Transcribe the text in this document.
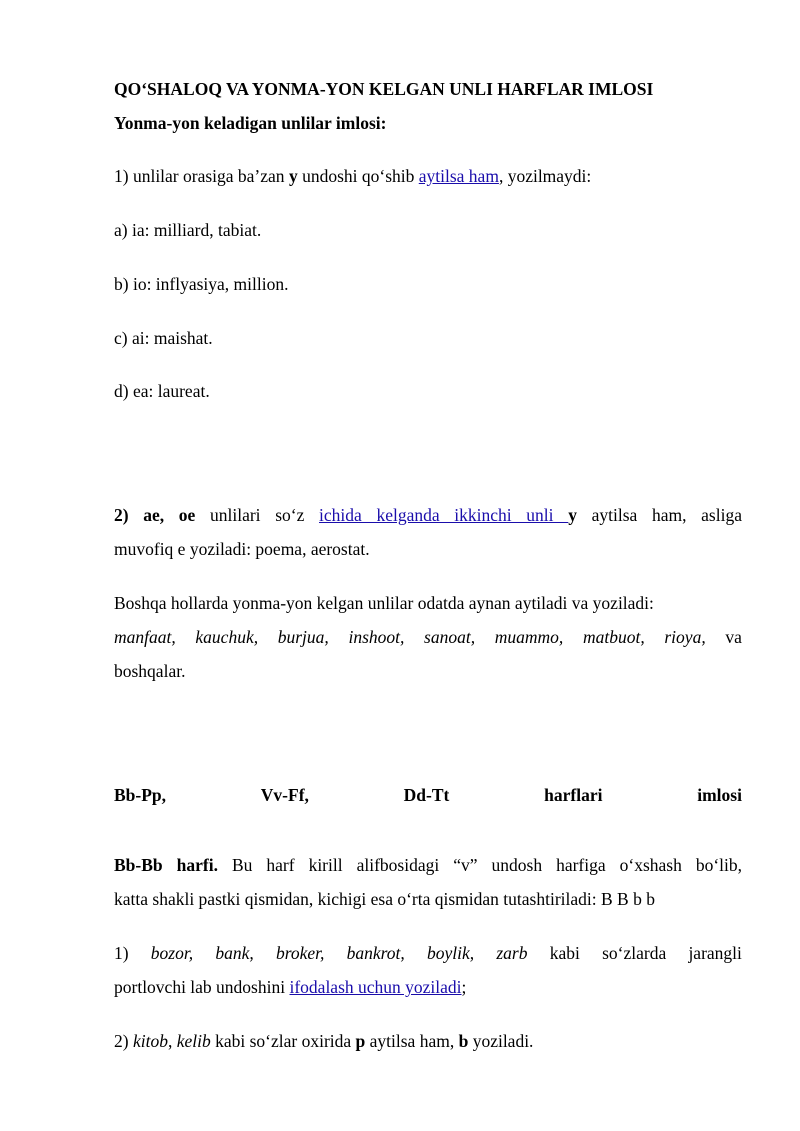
QO‘SHALOQ VA YONMA-YON KELGAN UNLI HARFLAR IMLOSI
Yonma-yon keladigan unlilar imlosi:
1) unlilar orasiga ba’zan y undoshi qo‘shib aytilsa ham, yozilmaydi:
a) ia: milliard, tabiat.
b) io: inflyasiya, million.
c) ai: maishat.
d) ea: laureat.
2) ae, oe unlilari so‘z ichida kelganda ikkinchi unli y aytilsa ham, asliga
muvofiq e yoziladi: poema, aerostat.
Boshqa hollarda yonma-yon kelgan unlilar odatda aynan aytiladi va yoziladi:
manfaat, kauchuk, burjua, inshoot, sanoat, muammo, matbuot, rioya, va
boshqalar.
Bb-Pp,	Vv-Ff,	Dd-Tt	harflari	imlosi
Bb-Bb harfi. Bu harf kirill alifbosidagi “v” undosh harfiga o‘xshash bo‘lib,
katta shakli pastki qismidan, kichigi esa o‘rta qismidan tutashtiriladi: B B b b
1) bozor, bank, broker, bankrot, boylik, zarb kabi so‘zlarda jarangli
portlovchi lab undoshini ifodalash uchun yoziladi;
2) kitob, kelib kabi so‘zlar oxirida p aytilsa ham, b yoziladi.
